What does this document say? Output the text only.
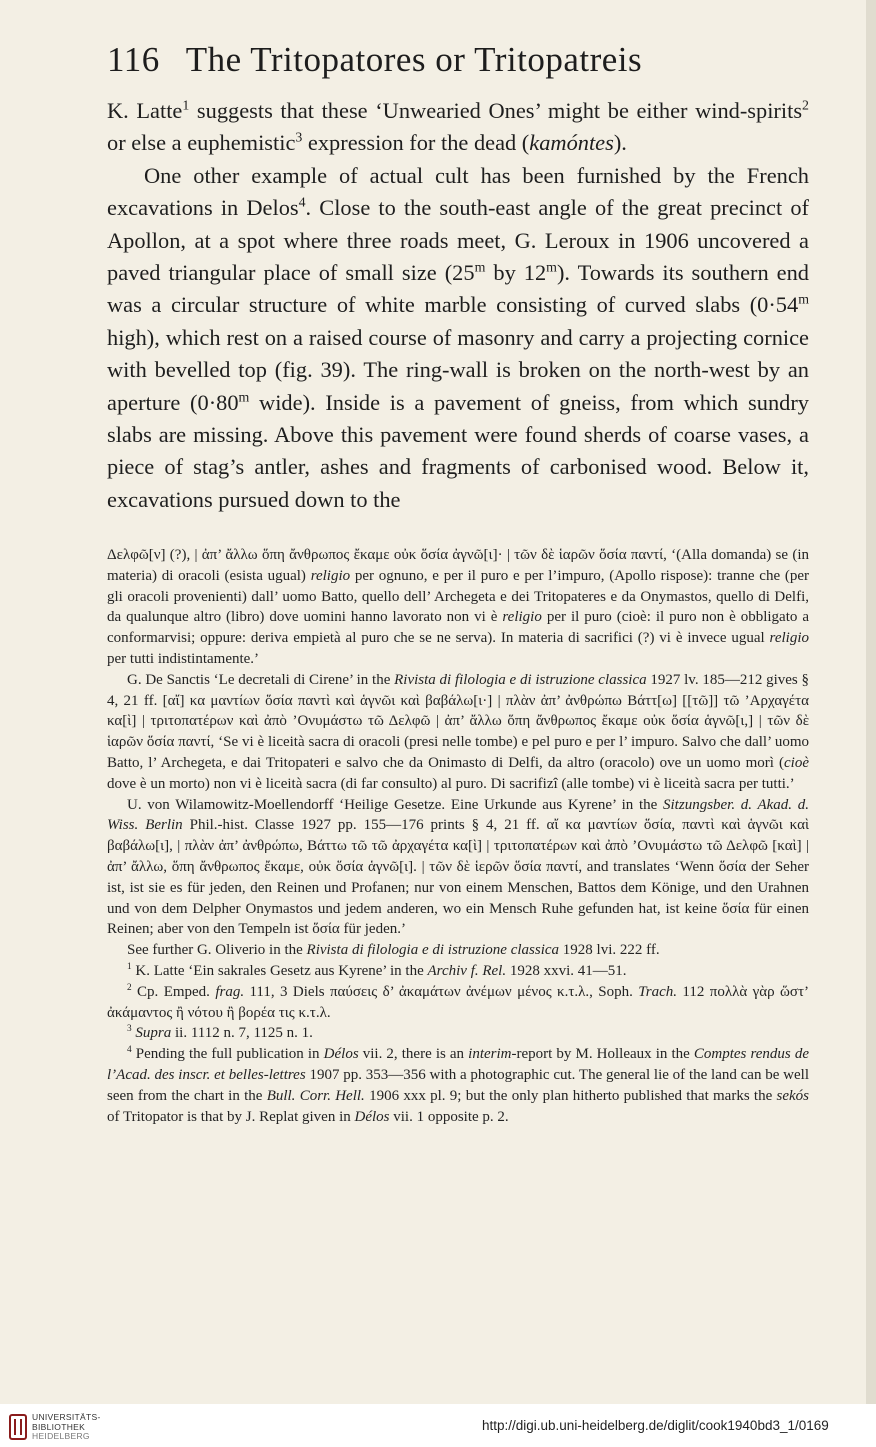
116 The Tritopatores or Tritopatreis

K. Latte$^1$ suggests that these ‘Unwearied Ones’ might be either wind-spirits$^2$ or else a euphemistic$^3$ expression for the dead (kamóntes).

One other example of actual cult has been furnished by the French excavations in Delos$^4$. Close to the south-east angle of the great precinct of Apollon, at a spot where three roads meet, G. Leroux in 1906 uncovered a paved triangular place of small size (25$^m$ by 12$^m$). Towards its southern end was a circular structure of white marble consisting of curved slabs ($0\cdot 54^m$ high), which rest on a raised course of masonry and carry a projecting cornice with bevelled top (fig. 39). The ring-wall is broken on the north-west by an aperture ($0\cdot 80^m$ wide). Inside is a pavement of gneiss, from which sundry slabs are missing. Above this pavement were found sherds of coarse vases, a piece of stag’s antler, ashes and fragments of carbonised wood. Below it, excavations pursued down to the

Δελφῶ[ν] (?), | ἀπ’ ἄλλω ὅπη ἄνθρωπος ἔκαμε οὐκ ὅσία ἀγνῶ[ι]· | τῶν δὲ ἱαρῶν ὅσία παντί, ‘(Alla domanda) se (in materia) di oracoli (esista ugual) religio per ognuno, e per il puro e per l’impuro, (Apollo rispose): tranne che (per gli oracoli provenienti) dall’ uomo Batto, quello dell’ Archegeta e dei Tritopateres e da Onymastos, quello di Delfi, da qualunque altro (libro) dove uomini hanno lavorato non vi è religio per il puro (cioè: il puro non è obbligato a conformarvisi; oppure: deriva empietà al puro che se ne serva). In materia di sacrifici (?) vi è invece ugual religio per tutti indistintamente.’

G. De Sanctis ‘Le decretali di Cirene’ in the Rivista di filologia e di istruzione classica 1927 lv. 185—212 gives § 4, 21 ff. [αἴ] κα μαντίων ὅσία παντὶ καὶ ἁγνῶι καὶ βαβάλω[ι·] | πλὰν ἀπ’ ἀνθρώπω Βάττ[ω] [[τῶ]] τῶ ’Αρχαγέτα κα[ὶ] | τριτοπατέρων καὶ ἀπὸ ’Ονυμάστω τῶ Δελφῶ | ἀπ’ ἄλλω ὅπη ἄνθρωπος ἔκαμε οὐκ ὅσία ἁγνῶ[ι,] | τῶν δὲ ἱαρῶν ὅσία παντί, ‘Se vi è liceità sacra di oracoli (presi nelle tombe) e pel puro e per l’ impuro. Salvo che dall’ uomo Batto, l’ Archegeta, e dai Tritopateri e salvo che da Onimasto di Delfi, da altro (oracolo) ove un uomo morì (cioè dove è un morto) non vi è liceità sacra (di far consulto) al puro. Di sacrifizî (alle tombe) vi è liceità sacra per tutti.’

U. von Wilamowitz-Moellendorff ‘Heilige Gesetze. Eine Urkunde aus Kyrene’ in the Sitzungsber. d. Akad. d. Wiss. Berlin Phil.-hist. Classe 1927 pp. 155—176 prints § 4, 21 ff. αἴ κα μαντίων ὅσία, παντὶ καὶ ἁγνῶι καὶ βαβάλω[ι], | πλὰν ἀπ’ ἀνθρώπω, Βάττω τῶ τῶ ἀρχαγέτα κα[ὶ] | τριτοπατέρων καὶ ἀπὸ ’Ονυμάστω τῶ Δελφῶ [καὶ] | ἀπ’ ἄλλω, ὅπη ἄνθρωπος ἔκαμε, οὐκ ὅσία ἁγνῶ[ι]. | τῶν δὲ ἱερῶν ὅσία παντί, and translates ‘Wenn ὅσία der Seher ist, ist sie es für jeden, den Reinen und Profanen; nur von einem Menschen, Battos dem Könige, und den Urahnen und von dem Delpher Onymastos und jedem anderen, wo ein Mensch Ruhe gefunden hat, ist keine ὅσία für einen Reinen; aber von den Tempeln ist ὅσία für jeden.’

See further G. Oliverio in the Rivista di filologia e di istruzione classica 1928 lvi. 222 ff.

$^1$ K. Latte ‘Ein sakrales Gesetz aus Kyrene’ in the Archiv f. Rel. 1928 xxvi. 41—51.

$^2$ Cp. Emped. frag. 111, 3 Diels παύσεις δ’ ἀκαμάτων ἀνέμων μένος κ.τ.λ., Soph. Trach. 112 πολλὰ γὰρ ὥστ’ ἀκάμαντος ἢ νότου ἢ βορέα τις κ.τ.λ.

$^3$ Supra ii. 1112 n. 7, 1125 n. 1.

$^4$ Pending the full publication in Délos vii. 2, there is an interim-report by M. Holleaux in the Comptes rendus de l’Acad. des inscr. et belles-lettres 1907 pp. 353—356 with a photographic cut. The general lie of the land can be well seen from the chart in the Bull. Corr. Hell. 1906 xxx pl. 9; but the only plan hitherto published that marks the sekós of Tritopator is that by J. Replat given in Délos vii. 1 opposite p. 2.

UNIVERSITÄTS-
BIBLIOTHEK
HEIDELBERG
http://digi.ub.uni-heidelberg.de/diglit/cook1940bd3_1/0169
